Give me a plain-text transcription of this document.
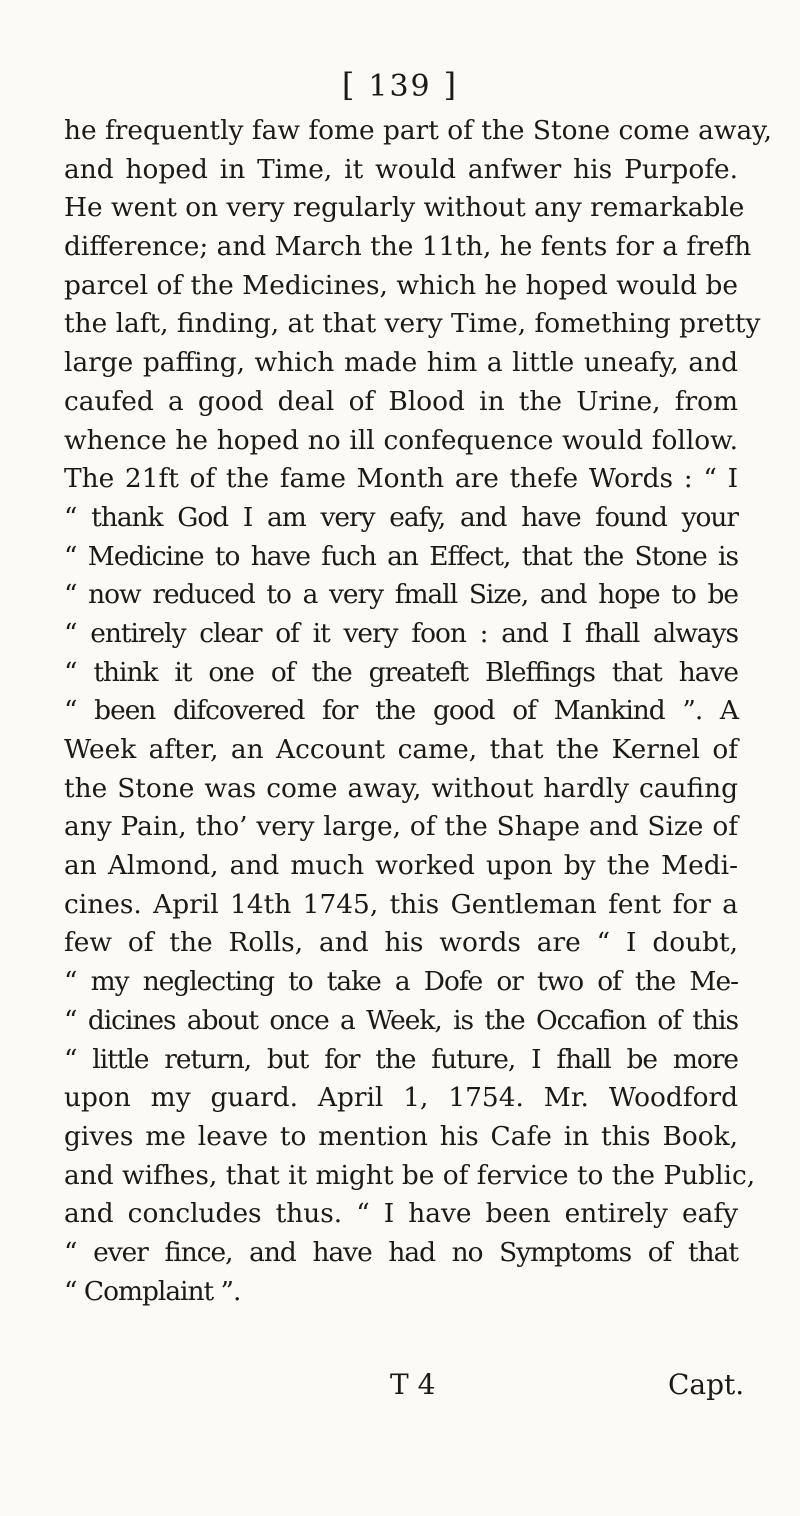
[ 139 ]
he frequently faw fome part of the Stone come away,
and hoped in Time, it would anfwer his Purpofe.
He went on very regularly without any remarkable
difference; and March the 11th, he fents for a frefh
parcel of the Medicines, which he hoped would be
the laft, finding, at that very Time, fomething pretty
large paffing, which made him a little uneafy, and
caufed a good deal of Blood in the Urine, from
whence he hoped no ill confequence would follow.
The 21ft of the fame Month are thefe Words : “ I
“ thank God I am very eafy, and have found your
“ Medicine to have fuch an Effect, that the Stone is
“ now reduced to a very fmall Size, and hope to be
“ entirely clear of it very foon : and I fhall always
“ think it one of the greateft Bleffings that have
“ been difcovered for the good of Mankind ”. A
Week after, an Account came, that the Kernel of
the Stone was come away, without hardly caufing
any Pain, tho’ very large, of the Shape and Size of
an Almond, and much worked upon by the Medi-
cines. April 14th 1745, this Gentleman fent for a
few of the Rolls, and his words are “ I doubt,
“ my neglecting to take a Dofe or two of the Me-
“ dicines about once a Week, is the Occafion of this
“ little return, but for the future, I fhall be more
upon my guard. April 1, 1754. Mr. Woodford
gives me leave to mention his Cafe in this Book,
and wifhes, that it might be of fervice to the Public,
and concludes thus. “ I have been entirely eafy
“ ever fince, and have had no Symptoms of that
“ Complaint ”.
T 4	Capt.
